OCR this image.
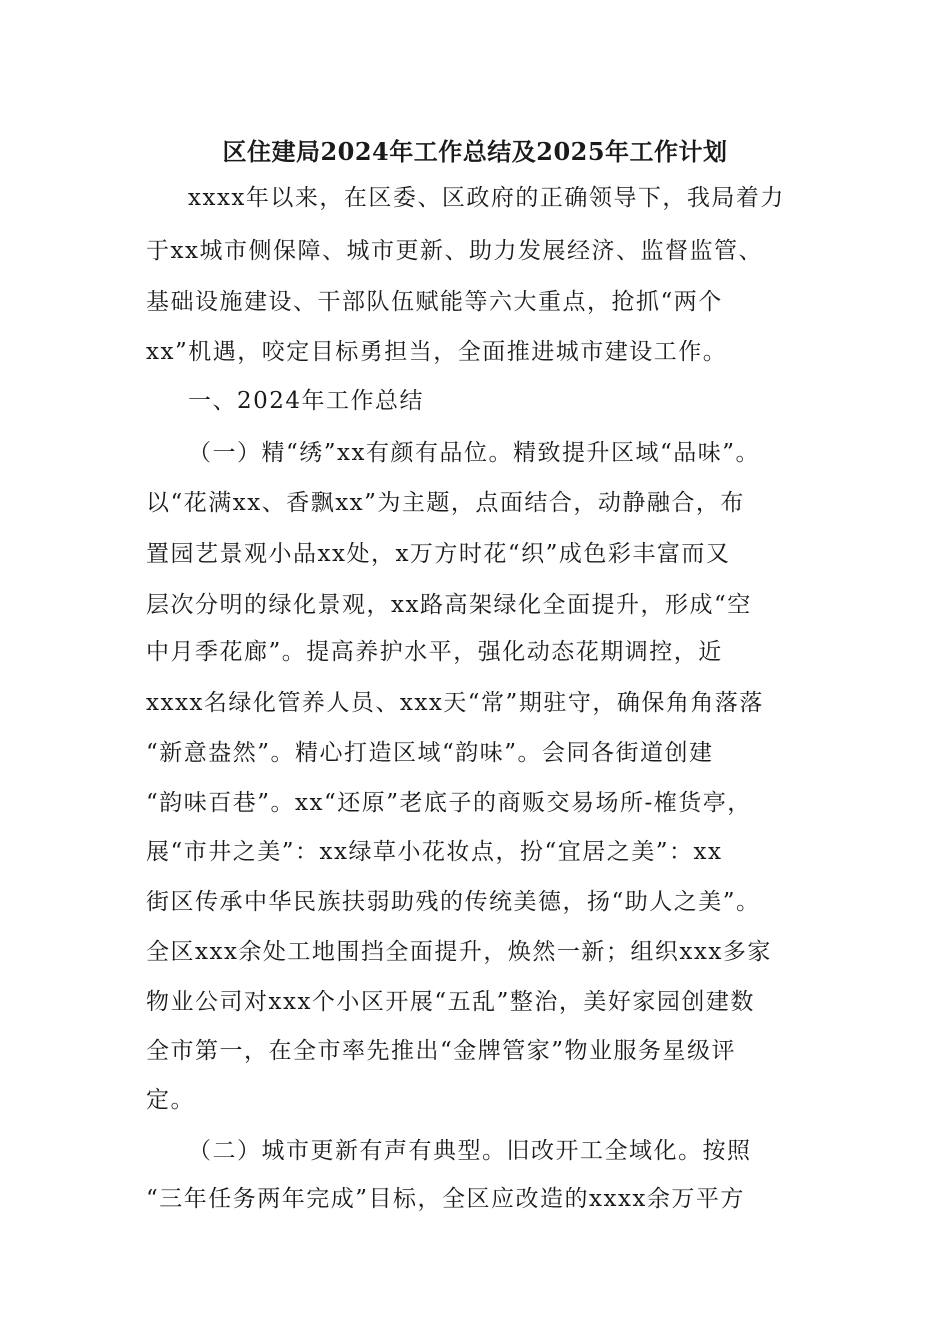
区住建局2024年工作总结及2025年工作计划
xxxx年以来，在区委、区政府的正确领导下，我局着力
于xx城市侧保障、城市更新、助力发展经济、监督监管、
基础设施建设、干部队伍赋能等六大重点，抢抓“两个
xx”机遇，咬定目标勇担当，全面推进城市建设工作。
一、2024年工作总结
（一）精“绣”xx有颜有品位。精致提升区域“品味”。
以“花满xx、香飘xx”为主题，点面结合，动静融合，布
置园艺景观小品xx处，x万方时花“织”成色彩丰富而又
层次分明的绿化景观，xx路高架绿化全面提升，形成“空
中月季花廊”。提高养护水平，强化动态花期调控，近
xxxx名绿化管养人员、xxx天“常”期驻守，确保角角落落
“新意盎然”。精心打造区域“韵味”。会同各街道创建
“韵味百巷”。xx“还原”老底子的商贩交易场所-榷货亭，
展“市井之美”：xx绿草小花妆点，扮“宜居之美”：xx
街区传承中华民族扶弱助残的传统美德，扬“助人之美”。
全区xxx余处工地围挡全面提升，焕然一新；组织xxx多家
物业公司对xxx个小区开展“五乱”整治，美好家园创建数
全市第一，在全市率先推出“金牌管家”物业服务星级评
定。
（二）城市更新有声有典型。旧改开工全域化。按照
“三年任务两年完成”目标，全区应改造的xxxx余万平方
